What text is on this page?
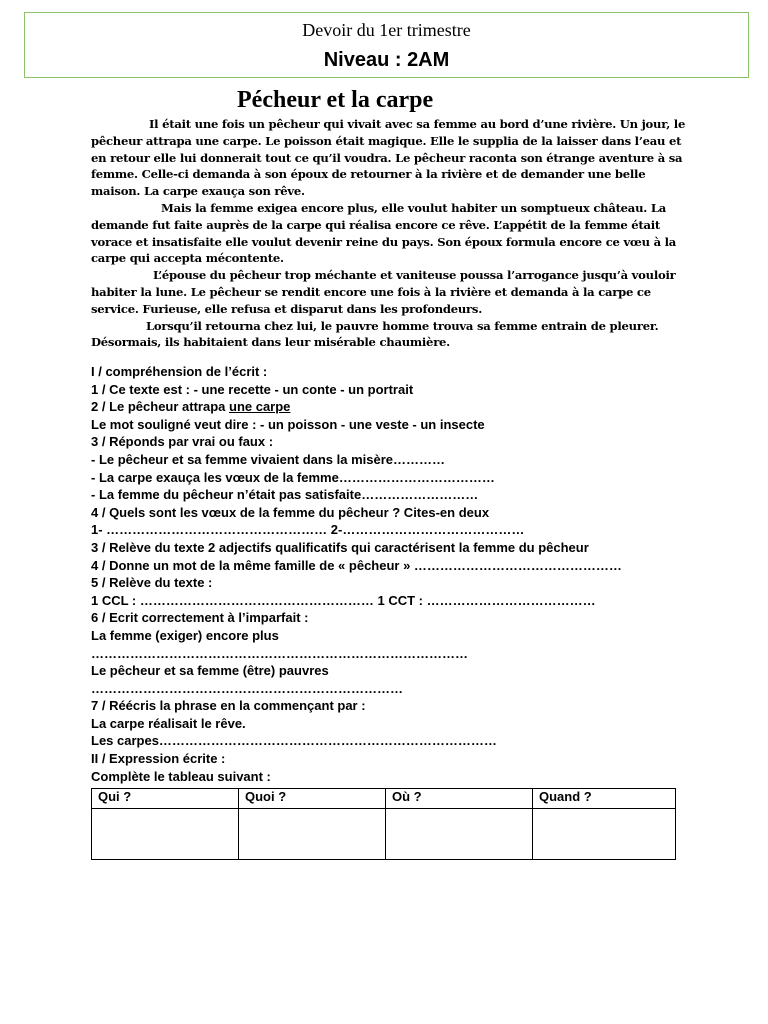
Devoir du 1er trimestre
Niveau : 2AM
Pécheur et la carpe

Il était une fois un pêcheur qui vivait avec sa femme au bord d’une rivière. Un jour, le pêcheur attrapa une carpe. Le poisson était magique. Elle le supplia de la laisser dans l’eau et en retour elle lui donnerait tout ce qu’il voudra. Le pêcheur raconta son étrange aventure à sa femme. Celle-ci demanda à son époux de retourner à la rivière et de demander une belle maison. La carpe exauça son rêve.

Mais la femme exigea encore plus, elle voulut habiter un somptueux château. La demande fut faite auprès de la carpe qui réalisa encore ce rêve. L’appétit de la femme était vorace et insatisfaite elle voulut devenir reine du pays. Son époux formula encore ce vœu à la carpe qui accepta mécontente.

L’épouse du pêcheur trop méchante et vaniteuse poussa l’arrogance jusqu’à vouloir habiter la lune. Le pêcheur se rendit encore une fois à la rivière et demanda à la carpe ce service. Furieuse, elle refusa et disparut dans les profondeurs.

Lorsqu’il retourna chez lui, le pauvre homme trouva sa femme entrain de pleurer. Désormais, ils habitaient dans leur misérable chaumière.

I / compréhension de l’écrit :
1 / Ce texte est : - une recette - un conte - un portrait
2 / Le pêcheur attrapa une carpe
Le mot souligné veut dire : - un poisson - une veste - un insecte
3 / Réponds par vrai ou faux :
- Le pêcheur et sa femme vivaient dans la misère…………
- La carpe exauça les vœux de la femme………………………………
- La femme du pêcheur n’était pas satisfaite………………………
4 / Quels sont les vœux de la femme du pêcheur ? Cites-en deux
1- …………………………………………… 2-……………………………………
3 / Relève du texte 2 adjectifs qualificatifs qui caractérisent la femme du pêcheur
4 / Donne un mot de la même famille de « pêcheur » …………………………………………
5 / Relève du texte :
1 CCL : ……………………………………………… 1 CCT : …………………………………
6 / Ecrit correctement à l’imparfait :
La femme (exiger) encore plus
……………………………………………………………………………
Le pêcheur et sa femme (être) pauvres
………………………………………………………………
7 / Réécris la phrase en la commençant par :
La carpe réalisait le rêve.
Les carpes……………………………………………………………………
II / Expression écrite :
Complète le tableau suivant :
Qui ?	Quoi ?	Où ?	Quand ?
